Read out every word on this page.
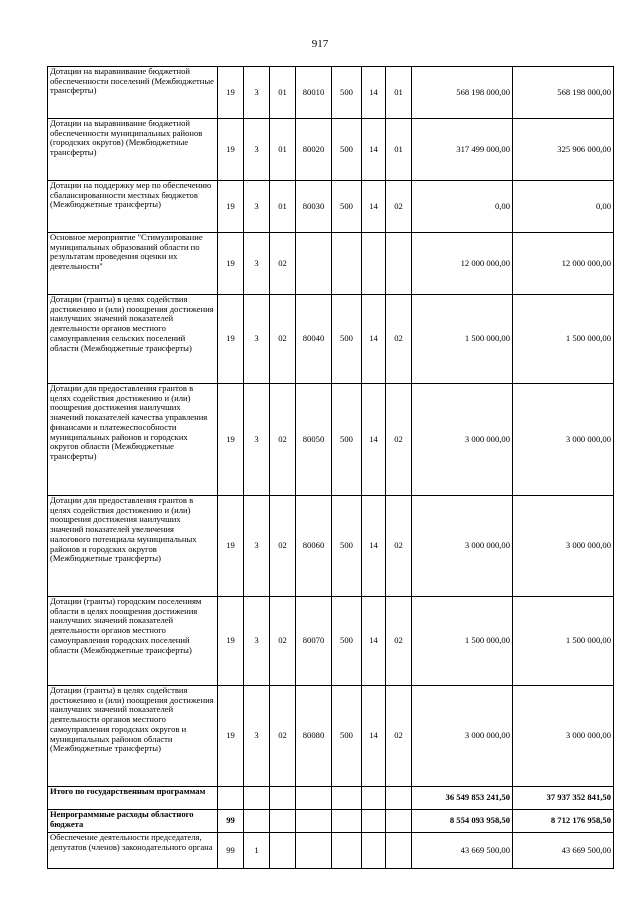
917
Дотации на выравнивание бюджетной обеспеченности поселений (Межбюджетные трансферты)	19	3	01	80010	500	14	01	568 198 000,00	568 198 000,00
Дотации на выравнивание бюджетной обеспеченности муниципальных районов (городских округов) (Межбюджетные трансферты)	19	3	01	80020	500	14	01	317 499 000,00	325 906 000,00
Дотации на поддержку мер по обеспечению сбалансированности местных бюджетов (Межбюджетные трансферты)	19	3	01	80030	500	14	02	0,00	0,00
Основное мероприятие "Стимулирование муниципальных образований области по результатам проведения оценки их деятельности"	19	3	02					12 000 000,00	12 000 000,00
Дотации (гранты) в целях содействия достижению и (или) поощрения достижения наилучших значений показателей деятельности органов местного самоуправления сельских поселений области (Межбюджетные трансферты)	19	3	02	80040	500	14	02	1 500 000,00	1 500 000,00
Дотации для предоставления грантов в целях содействия достижению и (или) поощрения достижения наилучших значений показателей качества управления финансами и платежеспособности муниципальных районов и городских округов области (Межбюджетные трансферты)	19	3	02	80050	500	14	02	3 000 000,00	3 000 000,00
Дотации для предоставления грантов в целях содействия достижению и (или) поощрения достижения наилучших значений показателей увеличения налогового потенциала муниципальных районов и городских округов (Межбюджетные трансферты)	19	3	02	80060	500	14	02	3 000 000,00	3 000 000,00
Дотации (гранты) городским поселениям области в целях поощрения достижения наилучших значений показателей деятельности органов местного самоуправления городских поселений области (Межбюджетные трансферты)	19	3	02	80070	500	14	02	1 500 000,00	1 500 000,00
Дотации (гранты) в целях содействия достижению и (или) поощрения достижения наилучших значений показателей деятельности органов местного самоуправления городских округов и муниципальных районов области (Межбюджетные трансферты)	19	3	02	80080	500	14	02	3 000 000,00	3 000 000,00
Итого по государственным программам								36 549 853 241,50	37 937 352 841,50
Непрограммные расходы областного бюджета	99							8 554 093 958,50	8 712 176 958,50
Обеспечение деятельности председателя, депутатов (членов) законодательного органа	99	1						43 669 500,00	43 669 500,00
